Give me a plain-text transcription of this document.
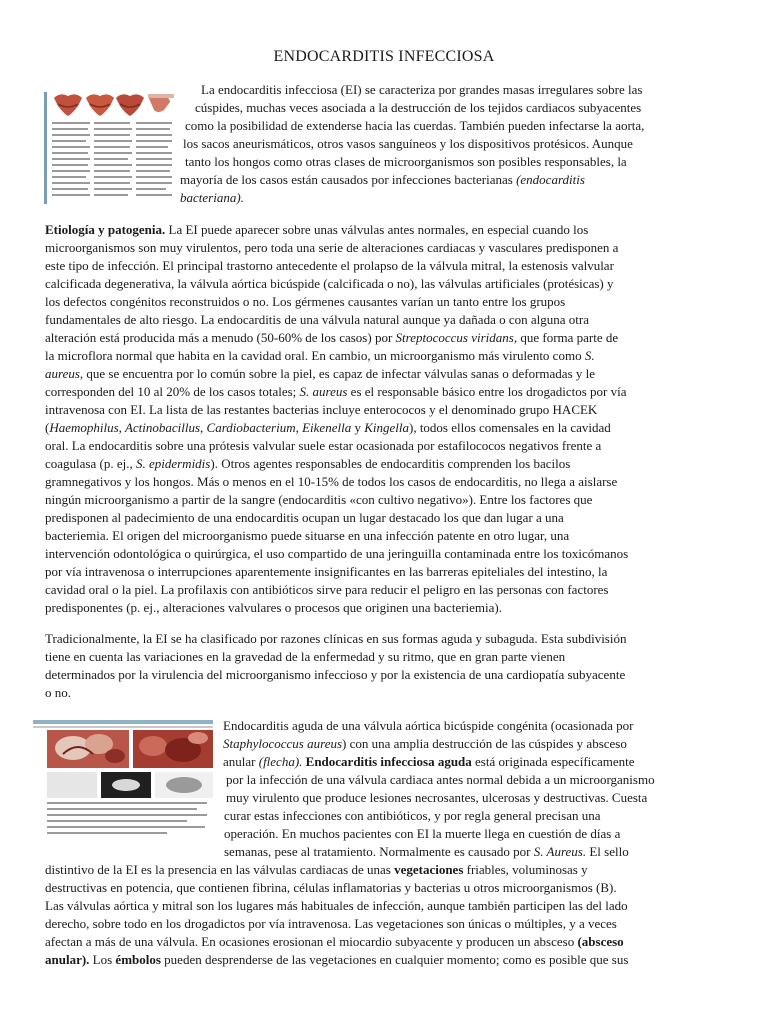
ENDOCARDITIS INFECCIOSA

La endocarditis infecciosa (EI) se caracteriza por grandes masas irregulares sobre las
cúspides, muchas veces asociada a la destrucción de los tejidos cardiacos subyacentes
como la posibilidad de extenderse hacia las cuerdas. También pueden infectarse la aorta,
los sacos aneurismáticos, otros vasos sanguíneos y los dispositivos protésicos. Aunque
tanto los hongos como otras clases de microorganismos son posibles responsables, la
mayoría de los casos están causados por infecciones bacterianas (endocarditis
bacteriana).

Etiología y patogenia. La EI puede aparecer sobre unas válvulas antes normales, en especial cuando los
microorganismos son muy virulentos, pero toda una serie de alteraciones cardiacas y vasculares predisponen a
este tipo de infección. El principal trastorno antecedente el prolapso de la válvula mitral, la estenosis valvular
calcificada degenerativa, la válvula aórtica bicúspide (calcificada o no), las válvulas artificiales (protésicas) y
los defectos congénitos reconstruidos o no. Los gérmenes causantes varían un tanto entre los grupos
fundamentales de alto riesgo. La endocarditis de una válvula natural aunque ya dañada o con alguna otra
alteración está producida más a menudo (50-60% de los casos) por Streptococcus viridans, que forma parte de
la microflora normal que habita en la cavidad oral. En cambio, un microorganismo más virulento como S.
aureus, que se encuentra por lo común sobre la piel, es capaz de infectar válvulas sanas o deformadas y le
corresponden del 10 al 20% de los casos totales; S. aureus es el responsable básico entre los drogadictos por vía
intravenosa con EI. La lista de las restantes bacterias incluye enterococos y el denominado grupo HACEK
(Haemophilus, Actinobacillus, Cardiobacterium, Eikenella y Kingella), todos ellos comensales en la cavidad
oral. La endocarditis sobre una prótesis valvular suele estar ocasionada por estafilococos negativos frente a
coagulasa (p. ej., S. epidermidis). Otros agentes responsables de endocarditis comprenden los bacilos
gramnegativos y los hongos. Más o menos en el 10-15% de todos los casos de endocarditis, no llega a aislarse
ningún microorganismo a partir de la sangre (endocarditis «con cultivo negativo»). Entre los factores que
predisponen al padecimiento de una endocarditis ocupan un lugar destacado los que dan lugar a una
bacteriemia. El origen del microorganismo puede situarse en una infección patente en otro lugar, una
intervención odontológica o quirúrgica, el uso compartido de una jeringuilla contaminada entre los toxicómanos
por vía intravenosa o interrupciones aparentemente insignificantes en las barreras epiteliales del intestino, la
cavidad oral o la piel. La profilaxis con antibióticos sirve para reducir el peligro en las personas con factores
predisponentes (p. ej., alteraciones valvulares o procesos que originen una bacteriemia).

Tradicionalmente, la EI se ha clasificado por razones clínicas en sus formas aguda y subaguda. Esta subdivisión
tiene en cuenta las variaciones en la gravedad de la enfermedad y su ritmo, que en gran parte vienen
determinados por la virulencia del microorganismo infeccioso y por la existencia de una cardiopatía subyacente
o no.

Endocarditis aguda de una válvula aórtica bicúspide congénita (ocasionada por
Staphylococcus aureus) con una amplia destrucción de las cúspides y absceso
anular (flecha). Endocarditis infecciosa aguda está originada específicamente
por la infección de una válvula cardiaca antes normal debida a un microorganismo
muy virulento que produce lesiones necrosantes, ulcerosas y destructivas. Cuesta
curar estas infecciones con antibióticos, y por regla general precisan una
operación. En muchos pacientes con EI la muerte llega en cuestión de días a
semanas, pese al tratamiento. Normalmente es causado por S. Aureus. El sello
distintivo de la EI es la presencia en las válvulas cardiacas de unas vegetaciones friables, voluminosas y
destructivas en potencia, que contienen fibrina, células inflamatorias y bacterias u otros microorganismos (B).
Las válvulas aórtica y mitral son los lugares más habituales de infección, aunque también participen las del lado
derecho, sobre todo en los drogadictos por vía intravenosa. Las vegetaciones son únicas o múltiples, y a veces
afectan a más de una válvula. En ocasiones erosionan el miocardio subyacente y producen un absceso (absceso
anular). Los émbolos pueden desprenderse de las vegetaciones en cualquier momento; como es posible que sus
